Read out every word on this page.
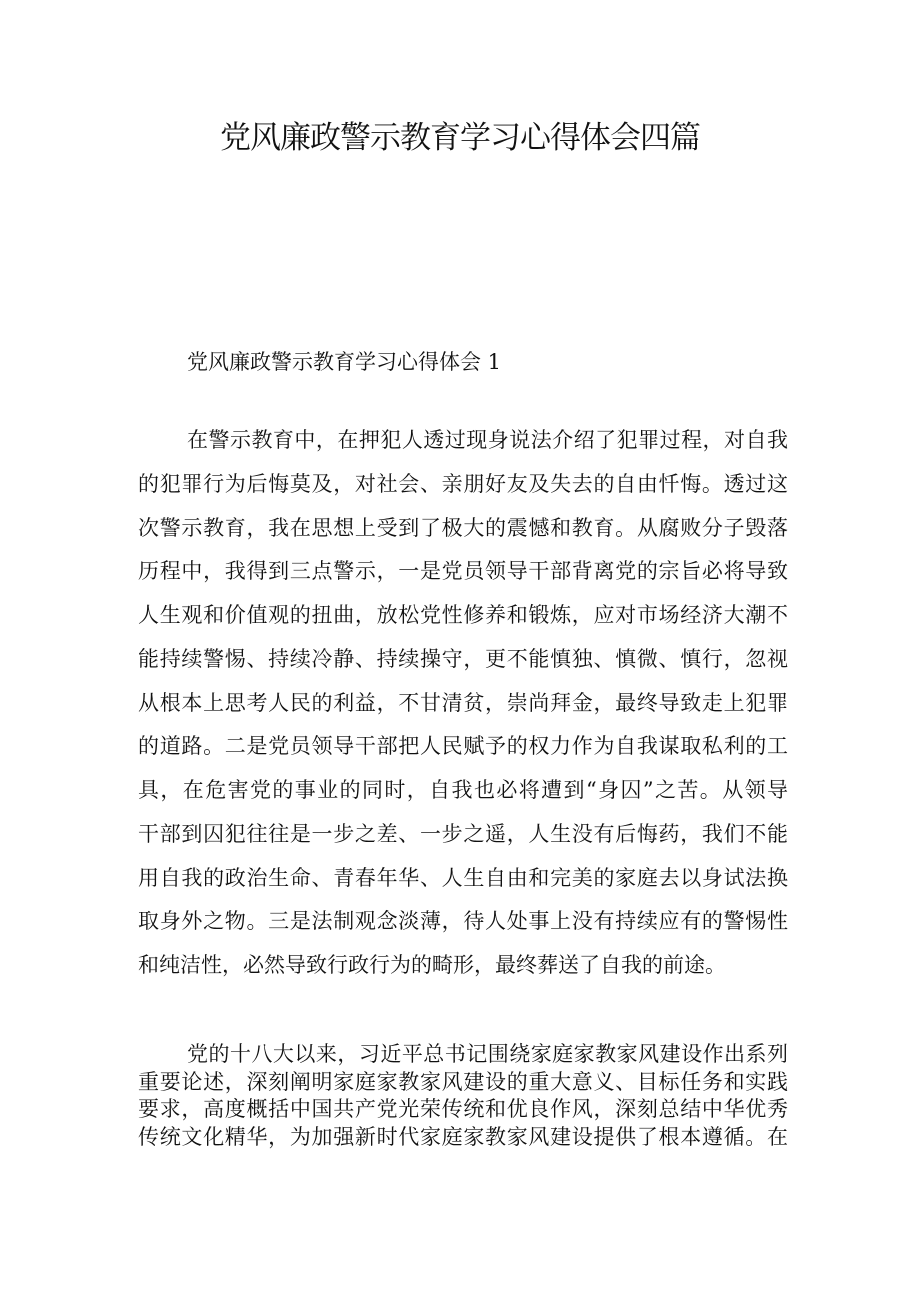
党风廉政警示教育学习心得体会四篇
党风廉政警示教育学习心得体会 1
在警示教育中，在押犯人透过现身说法介绍了犯罪过程，对自我
的犯罪行为后悔莫及，对社会、亲朋好友及失去的自由忏悔。透过这
次警示教育，我在思想上受到了极大的震憾和教育。从腐败分子毁落
历程中，我得到三点警示，一是党员领导干部背离党的宗旨必将导致
人生观和价值观的扭曲，放松党性修养和锻炼，应对市场经济大潮不
能持续警惕、持续冷静、持续操守，更不能慎独、慎微、慎行，忽视
从根本上思考人民的利益，不甘清贫，崇尚拜金，最终导致走上犯罪
的道路。二是党员领导干部把人民赋予的权力作为自我谋取私利的工
具，在危害党的事业的同时，自我也必将遭到“身囚”之苦。从领导
干部到囚犯往往是一步之差、一步之遥，人生没有后悔药，我们不能
用自我的政治生命、青春年华、人生自由和完美的家庭去以身试法换
取身外之物。三是法制观念淡薄，待人处事上没有持续应有的警惕性
和纯洁性，必然导致行政行为的畸形，最终葬送了自我的前途。
党的十八大以来，习近平总书记围绕家庭家教家风建设作出系列
重要论述，深刻阐明家庭家教家风建设的重大意义、目标任务和实践
要求，高度概括中国共产党光荣传统和优良作风，深刻总结中华优秀
传统文化精华，为加强新时代家庭家教家风建设提供了根本遵循。在
